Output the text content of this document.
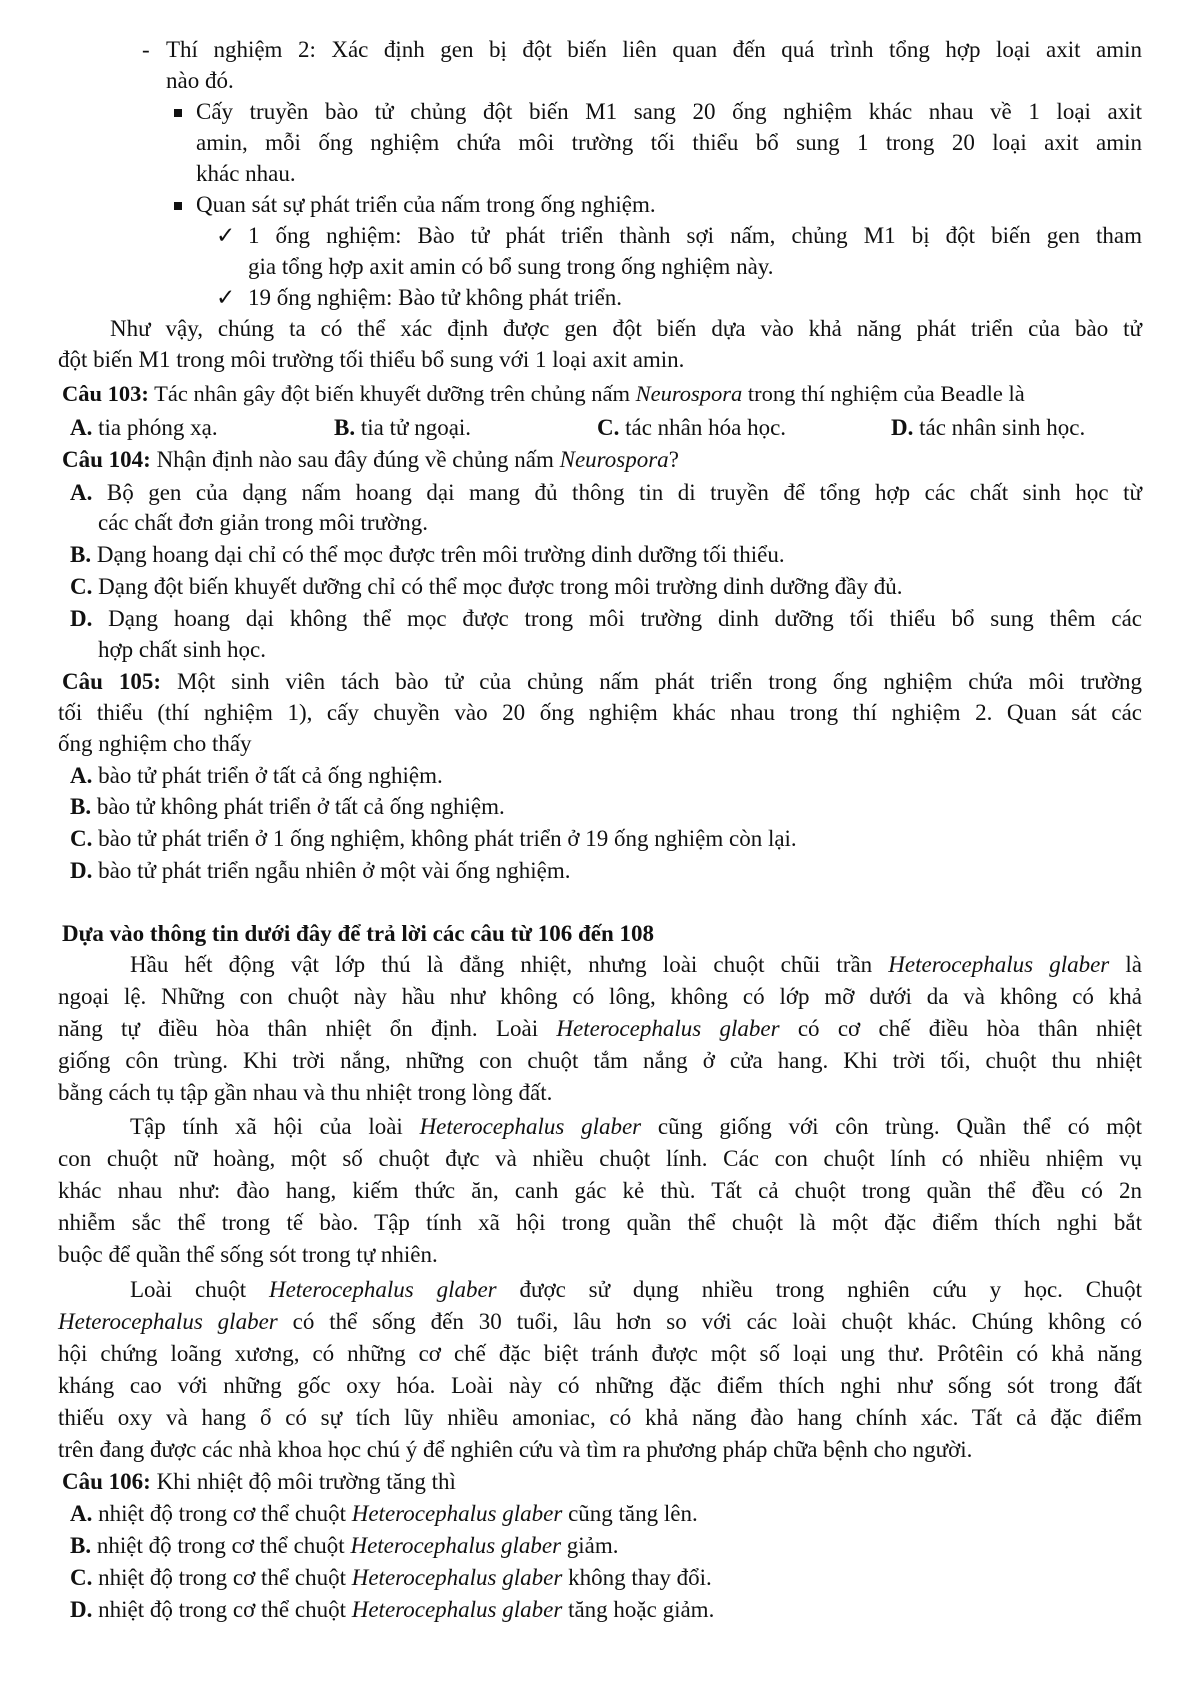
- Thí nghiệm 2: Xác định gen bị đột biến liên quan đến quá trình tổng hợp loại axit amin
nào đó.
Cấy truyền bào tử chủng đột biến M1 sang 20 ống nghiệm khác nhau về 1 loại axit
amin, mỗi ống nghiệm chứa môi trường tối thiểu bổ sung 1 trong 20 loại axit amin
khác nhau.
Quan sát sự phát triển của nấm trong ống nghiệm.
✓ 1 ống nghiệm: Bào tử phát triển thành sợi nấm, chủng M1 bị đột biến gen tham
gia tổng hợp axit amin có bổ sung trong ống nghiệm này.
✓ 19 ống nghiệm: Bào tử không phát triển.
Như vậy, chúng ta có thể xác định được gen đột biến dựa vào khả năng phát triển của bào tử
đột biến M1 trong môi trường tối thiểu bổ sung với 1 loại axit amin.
Câu 103: Tác nhân gây đột biến khuyết dưỡng trên chủng nấm Neurospora trong thí nghiệm của Beadle là
A. tia phóng xạ.	B. tia tử ngoại.	C. tác nhân hóa học.	D. tác nhân sinh học.
Câu 104: Nhận định nào sau đây đúng về chủng nấm Neurospora?
A. Bộ gen của dạng nấm hoang dại mang đủ thông tin di truyền để tổng hợp các chất sinh học từ
các chất đơn giản trong môi trường.
B. Dạng hoang dại chỉ có thể mọc được trên môi trường dinh dưỡng tối thiểu.
C. Dạng đột biến khuyết dưỡng chỉ có thể mọc được trong môi trường dinh dưỡng đầy đủ.
D. Dạng hoang dại không thể mọc được trong môi trường dinh dưỡng tối thiểu bổ sung thêm các
hợp chất sinh học.
Câu 105: Một sinh viên tách bào tử của chủng nấm phát triển trong ống nghiệm chứa môi trường
tối thiểu (thí nghiệm 1), cấy chuyền vào 20 ống nghiệm khác nhau trong thí nghiệm 2. Quan sát các
ống nghiệm cho thấy
A. bào tử phát triển ở tất cả ống nghiệm.
B. bào tử không phát triển ở tất cả ống nghiệm.
C. bào tử phát triển ở 1 ống nghiệm, không phát triển ở 19 ống nghiệm còn lại.
D. bào tử phát triển ngẫu nhiên ở một vài ống nghiệm.
Dựa vào thông tin dưới đây để trả lời các câu từ 106 đến 108
Hầu hết động vật lớp thú là đẳng nhiệt, nhưng loài chuột chũi trần Heterocephalus glaber là
ngoại lệ. Những con chuột này hầu như không có lông, không có lớp mỡ dưới da và không có khả
năng tự điều hòa thân nhiệt ổn định. Loài Heterocephalus glaber có cơ chế điều hòa thân nhiệt
giống côn trùng. Khi trời nắng, những con chuột tắm nắng ở cửa hang. Khi trời tối, chuột thu nhiệt
bằng cách tụ tập gần nhau và thu nhiệt trong lòng đất.
Tập tính xã hội của loài Heterocephalus glaber cũng giống với côn trùng. Quần thể có một
con chuột nữ hoàng, một số chuột đực và nhiều chuột lính. Các con chuột lính có nhiều nhiệm vụ
khác nhau như: đào hang, kiếm thức ăn, canh gác kẻ thù. Tất cả chuột trong quần thể đều có 2n
nhiễm sắc thể trong tế bào. Tập tính xã hội trong quần thể chuột là một đặc điểm thích nghi bắt
buộc để quần thể sống sót trong tự nhiên.
Loài chuột Heterocephalus glaber được sử dụng nhiều trong nghiên cứu y học. Chuột
Heterocephalus glaber có thể sống đến 30 tuổi, lâu hơn so với các loài chuột khác. Chúng không có
hội chứng loãng xương, có những cơ chế đặc biệt tránh được một số loại ung thư. Prôtêin có khả năng
kháng cao với những gốc oxy hóa. Loài này có những đặc điểm thích nghi như sống sót trong đất
thiếu oxy và hang ổ có sự tích lũy nhiều amoniac, có khả năng đào hang chính xác. Tất cả đặc điểm
trên đang được các nhà khoa học chú ý để nghiên cứu và tìm ra phương pháp chữa bệnh cho người.
Câu 106: Khi nhiệt độ môi trường tăng thì
A. nhiệt độ trong cơ thể chuột Heterocephalus glaber cũng tăng lên.
B. nhiệt độ trong cơ thể chuột Heterocephalus glaber giảm.
C. nhiệt độ trong cơ thể chuột Heterocephalus glaber không thay đổi.
D. nhiệt độ trong cơ thể chuột Heterocephalus glaber tăng hoặc giảm.
